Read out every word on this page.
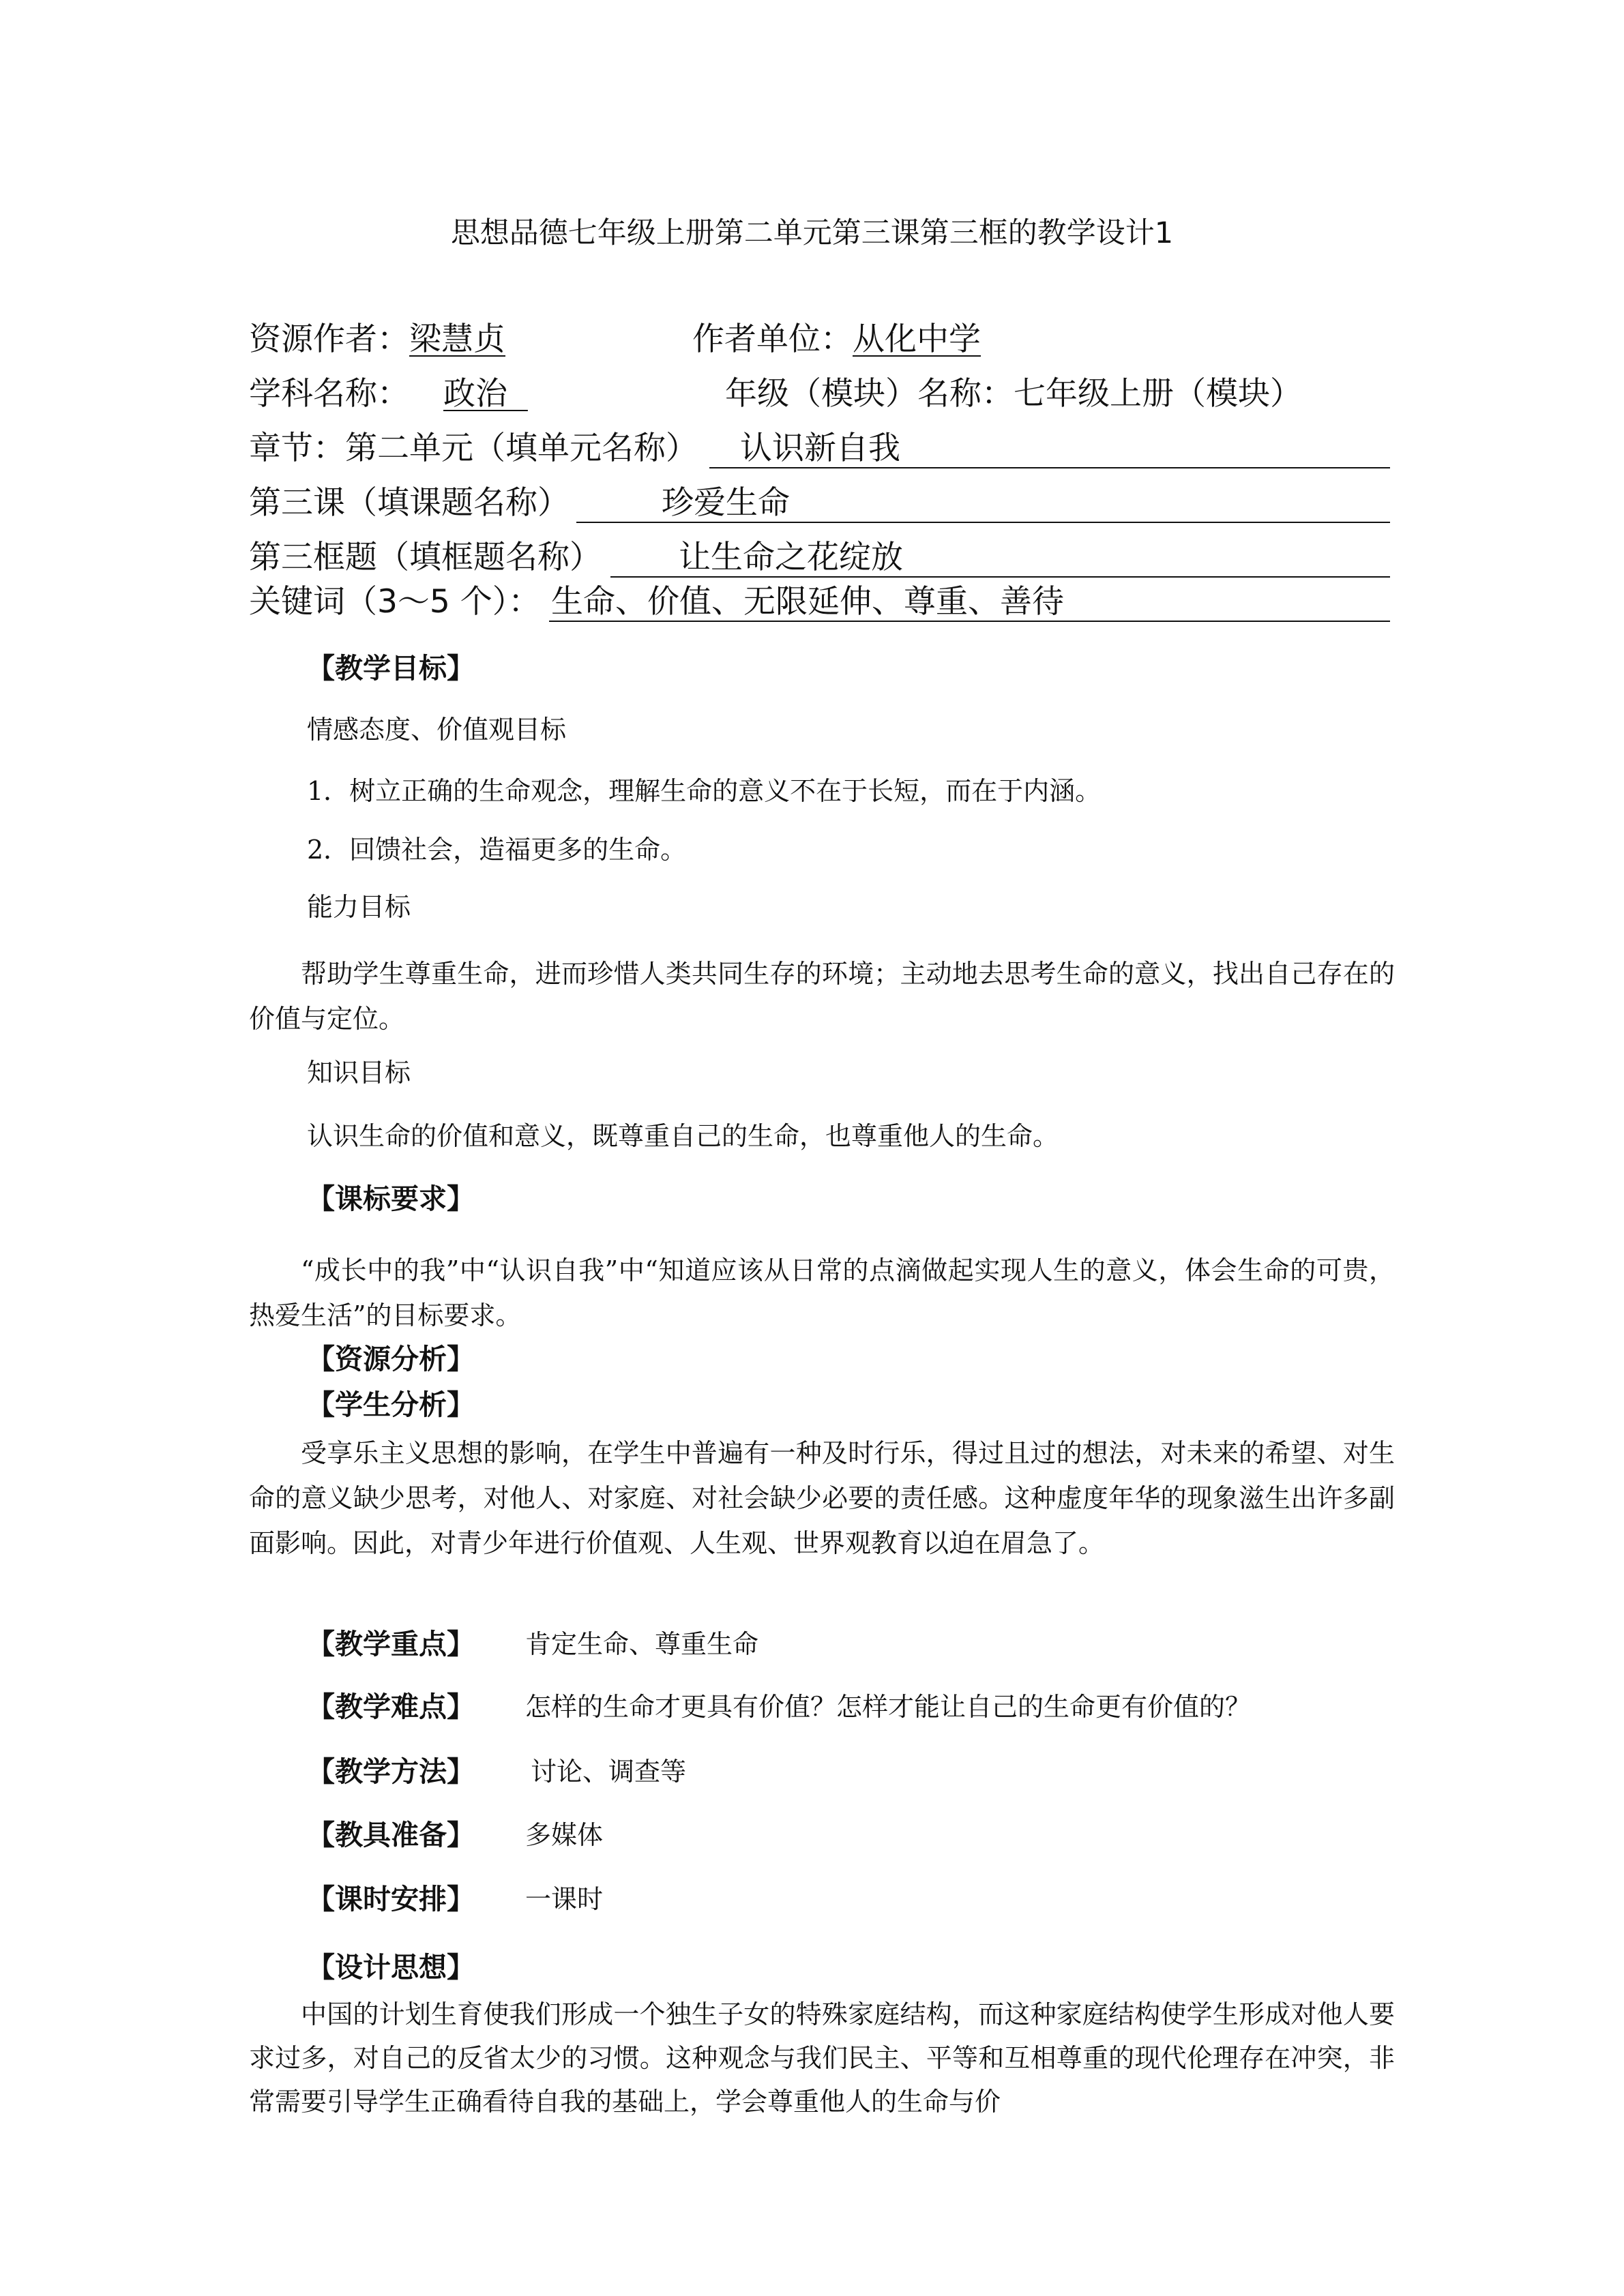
思想品德七年级上册第二单元第三课第三框的教学设计1
资源作者：梁慧贞	作者单位：从化中学
学科名称： 政治	年级（模块）名称：七年级上册（模块）
章节：第二单元（填单元名称） 认识新自我
第三课（填课题名称）	珍爱生命
第三框题（填框题名称） 让生命之花绽放
关键词（3～5 个）： 生命、价值、无限延伸、尊重、善待
【教学目标】
情感态度、价值观目标
1．树立正确的生命观念，理解生命的意义不在于长短，而在于内涵。
2．回馈社会，造福更多的生命。
能力目标
帮助学生尊重生命，进而珍惜人类共同生存的环境；主动地去思考生命的意义，找出自己存在的价值与定位。
知识目标
认识生命的价值和意义，既尊重自己的生命，也尊重他人的生命。
【课标要求】
“成长中的我”中“认识自我”中“知道应该从日常的点滴做起实现人生的意义，体会生命的可贵，热爱生活”的目标要求。
【资源分析】
【学生分析】
受享乐主义思想的影响，在学生中普遍有一种及时行乐，得过且过的想法，对未来的希望、对生命的意义缺少思考，对他人、对家庭、对社会缺少必要的责任感。这种虚度年华的现象滋生出许多副面影响。因此，对青少年进行价值观、人生观、世界观教育以迫在眉急了。
【教学重点】 肯定生命、尊重生命
【教学难点】 怎样的生命才更具有价值？怎样才能让自己的生命更有价值的？
【教学方法】 讨论、调查等
【教具准备】 多媒体
【课时安排】 一课时
【设计思想】
中国的计划生育使我们形成一个独生子女的特殊家庭结构，而这种家庭结构使学生形成对他人要求过多，对自己的反省太少的习惯。这种观念与我们民主、平等和互相尊重的现代伦理存在冲突，非常需要引导学生正确看待自我的基础上，学会尊重他人的生命与价
